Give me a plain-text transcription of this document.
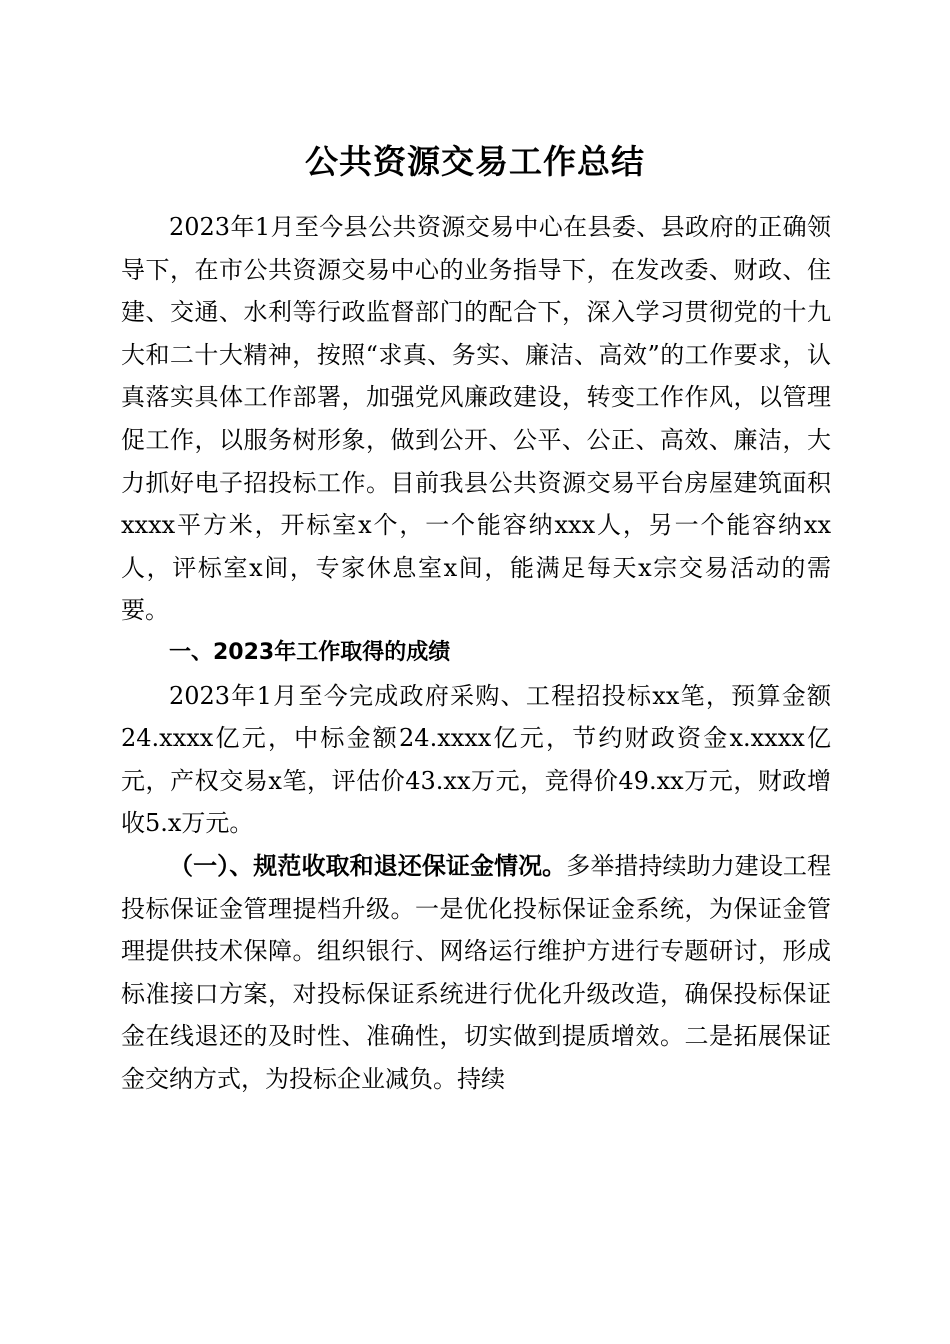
公共资源交易工作总结

2023年1月至今县公共资源交易中心在县委、县政府的正确领导下，在市公共资源交易中心的业务指导下，在发改委、财政、住建、交通、水利等行政监督部门的配合下，深入学习贯彻党的十九大和二十大精神，按照“求真、务实、廉洁、高效”的工作要求，认真落实具体工作部署，加强党风廉政建设，转变工作作风，以管理促工作，以服务树形象，做到公开、公平、公正、高效、廉洁，大力抓好电子招投标工作。目前我县公共资源交易平台房屋建筑面积xxxx平方米，开标室x个，一个能容纳xxx人，另一个能容纳xx人，评标室x间，专家休息室x间，能满足每天x宗交易活动的需要。

一、2023年工作取得的成绩

2023年1月至今完成政府采购、工程招投标xx笔，预算金额24.xxxx亿元，中标金额24.xxxx亿元，节约财政资金x.xxxx亿元，产权交易x笔，评估价43.xx万元，竞得价49.xx万元，财政增收5.x万元。

（一）、规范收取和退还保证金情况。多举措持续助力建设工程投标保证金管理提档升级。一是优化投标保证金系统，为保证金管理提供技术保障。组织银行、网络运行维护方进行专题研讨，形成标准接口方案，对投标保证系统进行优化升级改造，确保投标保证金在线退还的及时性、准确性，切实做到提质增效。二是拓展保证金交纳方式，为投标企业减负。持续
